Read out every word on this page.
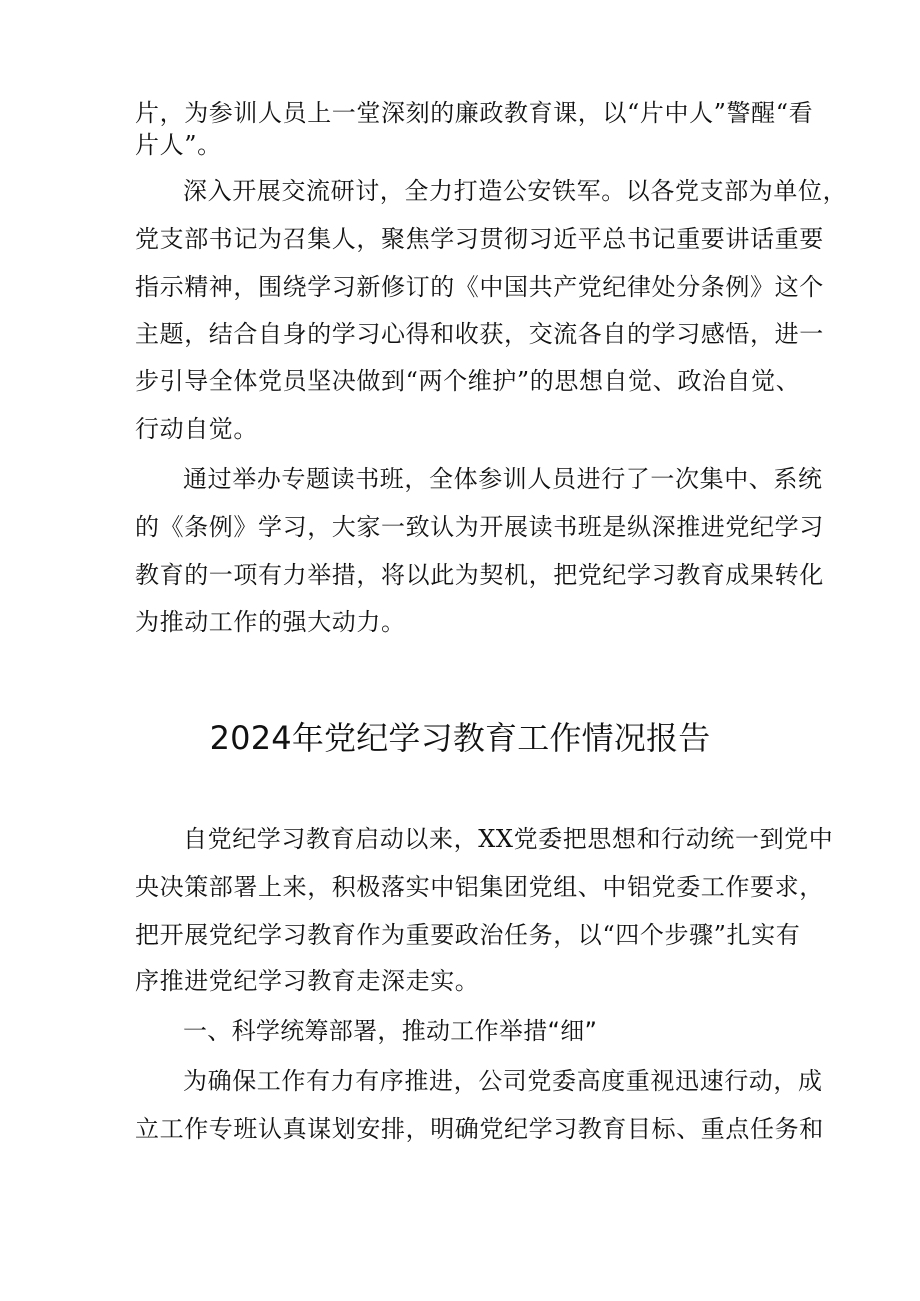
片，为参训人员上一堂深刻的廉政教育课，以“片中人”警醒“看
片人”。
深入开展交流研讨，全力打造公安铁军。以各党支部为单位，
党支部书记为召集人，聚焦学习贯彻习近平总书记重要讲话重要
指示精神，围绕学习新修订的《中国共产党纪律处分条例》这个
主题，结合自身的学习心得和收获，交流各自的学习感悟，进一
步引导全体党员坚决做到“两个维护”的思想自觉、政治自觉、
行动自觉。
通过举办专题读书班，全体参训人员进行了一次集中、系统
的《条例》学习，大家一致认为开展读书班是纵深推进党纪学习
教育的一项有力举措，将以此为契机，把党纪学习教育成果转化
为推动工作的强大动力。
2024年党纪学习教育工作情况报告
自党纪学习教育启动以来，XX党委把思想和行动统一到党中
央决策部署上来，积极落实中铝集团党组、中铝党委工作要求，
把开展党纪学习教育作为重要政治任务，以“四个步骤”扎实有
序推进党纪学习教育走深走实。
一、科学统筹部署，推动工作举措“细”
为确保工作有力有序推进，公司党委高度重视迅速行动，成
立工作专班认真谋划安排，明确党纪学习教育目标、重点任务和
